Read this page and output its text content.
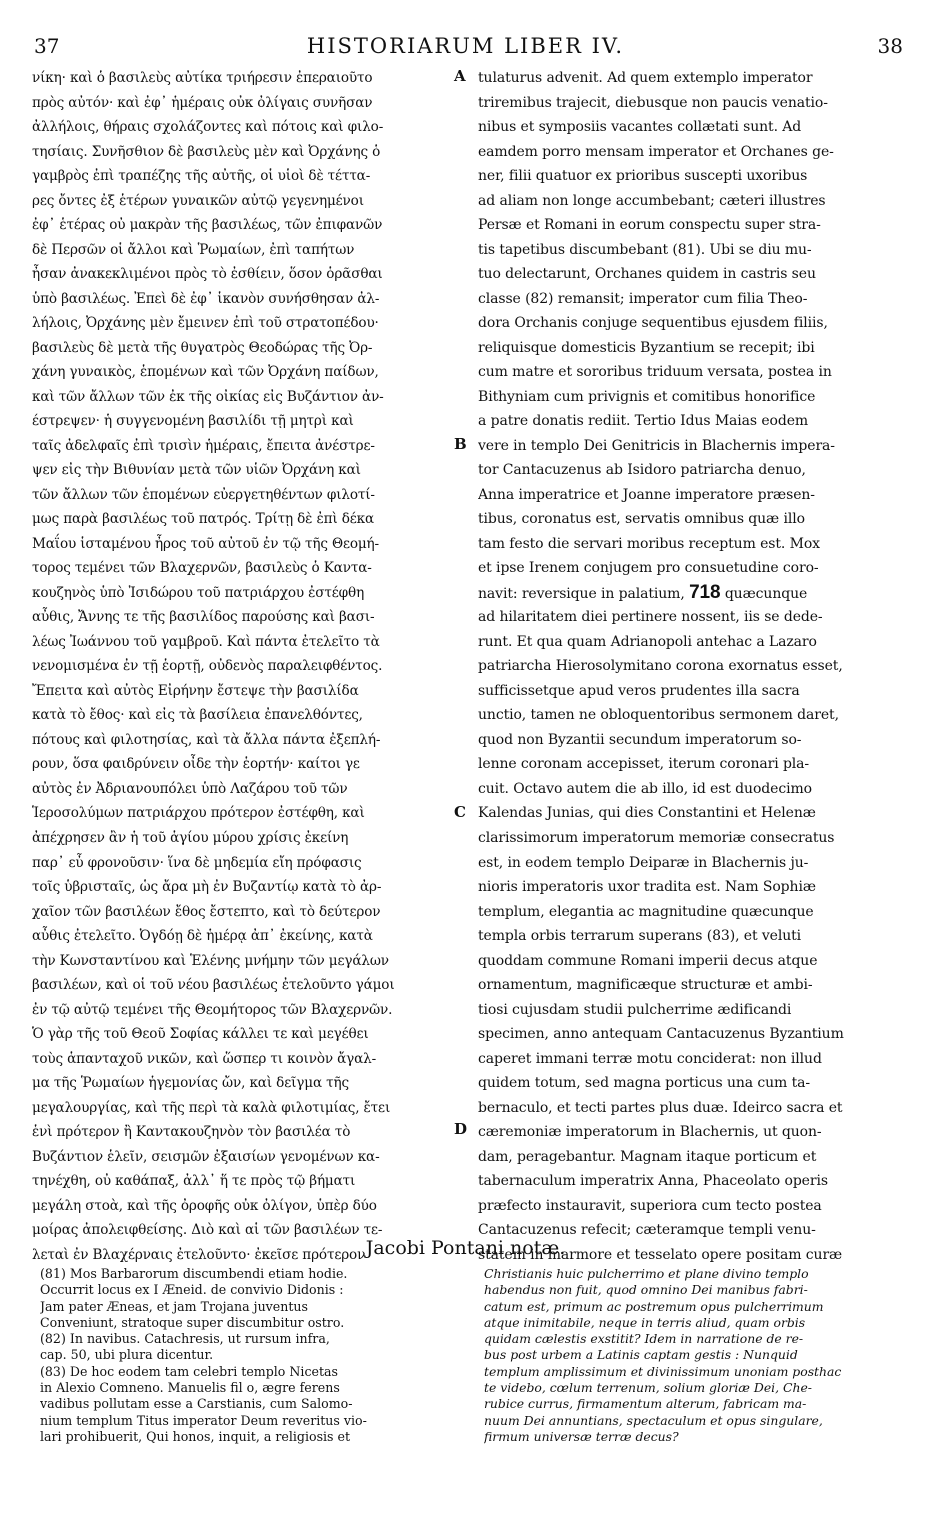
37	HISTORIARUM LIBER IV.	38
νίκη· καὶ ὁ βασιλεὺς αὐτίκα τριήρεσιν ἐπεραιοῦτο
πρὸς αὐτόν· καὶ ἐφ᾽ ἡμέραις οὐκ ὀλίγαις συνῆσαν
ἀλλήλοις, θήραις σχολάζοντες καὶ πότοις καὶ φιλο-
τησίαις. Συνῆσθιον δὲ βασιλεὺς μὲν καὶ Ὀρχάνης ὁ
γαμβρὸς ἐπὶ τραπέζης τῆς αὐτῆς, οἱ υἱοὶ δὲ τέττα-
ρες ὄντες ἐξ ἑτέρων γυναικῶν αὐτῷ γεγενημένοι
ἐφ᾽ ἑτέρας οὐ μακρὰν τῆς βασιλέως, τῶν ἐπιφανῶν
δὲ Περσῶν οἱ ἄλλοι καὶ Ῥωμαίων, ἐπὶ ταπήτων
ἦσαν ἀνακεκλιμένοι πρὸς τὸ ἐσθίειν, ὅσον ὁρᾶσθαι
ὑπὸ βασιλέως. Ἐπεὶ δὲ ἐφ᾽ ἱκανὸν συνήσθησαν ἀλ-
λήλοις, Ὀρχάνης μὲν ἔμεινεν ἐπὶ τοῦ στρατοπέδου·
βασιλεὺς δὲ μετὰ τῆς θυγατρὸς Θεοδώρας τῆς Ὀρ-
χάνη γυναικὸς, ἑπομένων καὶ τῶν Ὀρχάνη παίδων,
καὶ τῶν ἄλλων τῶν ἐκ τῆς οἰκίας εἰς Βυζάντιον ἀν-
έστρεψεν· ἡ συγγενομένη βασιλίδι τῇ μητρὶ καὶ
ταῖς ἀδελφαῖς ἐπὶ τρισὶν ἡμέραις, ἔπειτα ἀνέστρε-
ψεν εἰς τὴν Βιθυνίαν μετὰ τῶν υἱῶν Ὀρχάνη καὶ
τῶν ἄλλων τῶν ἑπομένων εὐεργετηθέντων φιλοτί-
μως παρὰ βασιλέως τοῦ πατρός. Τρίτῃ δὲ ἐπὶ δέκα
Μαΐου ἱσταμένου ἦρος τοῦ αὐτοῦ ἐν τῷ τῆς Θεομή-
τορος τεμένει τῶν Βλαχερνῶν, βασιλεὺς ὁ Καντα-
κουζηνὸς ὑπὸ Ἰσιδώρου τοῦ πατριάρχου ἐστέφθη
αὖθις, Ἄννης τε τῆς βασιλίδος παρούσης καὶ βασι-
λέως Ἰωάννου τοῦ γαμβροῦ. Καὶ πάντα ἐτελεῖτο τὰ
νενομισμένα ἐν τῇ ἑορτῇ, οὐδενὸς παραλειφθέντος.
Ἔπειτα καὶ αὐτὸς Εἰρήνην ἔστεψε τὴν βασιλίδα
κατὰ τὸ ἔθος· καὶ εἰς τὰ βασίλεια ἐπανελθόντες,
πότους καὶ φιλοτησίας, καὶ τὰ ἄλλα πάντα ἐξεπλή-
ρουν, ὅσα φαιδρύνειν οἶδε τὴν ἑορτήν· καίτοι γε
αὐτὸς ἐν Ἀδριανουπόλει ὑπὸ Λαζάρου τοῦ τῶν
Ἱεροσολύμων πατριάρχου πρότερον ἐστέφθη, καὶ
ἀπέχρησεν ἂν ἡ τοῦ ἁγίου μύρου χρίσις ἐκείνη
παρ᾽ εὖ φρονοῦσιν· ἵνα δὲ μηδεμία εἴη πρόφασις
τοῖς ὑβρισταῖς, ὡς ἄρα μὴ ἐν Βυζαντίῳ κατὰ τὸ ἀρ-
χαῖον τῶν βασιλέων ἔθος ἔστεπτο, καὶ τὸ δεύτερον
αὖθις ἐτελεῖτο. Ὀγδόῃ δὲ ἡμέρᾳ ἀπ᾽ ἐκείνης, κατὰ
τὴν Κωνσταντίνου καὶ Ἑλένης μνήμην τῶν μεγάλων
βασιλέων, καὶ οἱ τοῦ νέου βασιλέως ἐτελοῦντο γάμοι
ἐν τῷ αὐτῷ τεμένει τῆς Θεομήτορος τῶν Βλαχερνῶν.
Ὁ γὰρ τῆς τοῦ Θεοῦ Σοφίας κάλλει τε καὶ μεγέθει
τοὺς ἁπανταχοῦ νικῶν, καὶ ὥσπερ τι κοινὸν ἄγαλ-
μα τῆς Ῥωμαίων ἡγεμονίας ὤν, καὶ δεῖγμα τῆς
μεγαλουργίας, καὶ τῆς περὶ τὰ καλὰ φιλοτιμίας, ἔτει
ἑνὶ πρότερον ἢ Καντακουζηνὸν τὸν βασιλέα τὸ
Βυζάντιον ἑλεῖν, σεισμῶν ἐξαισίων γενομένων κα-
τηνέχθη, οὐ καθάπαξ, ἀλλ᾽ ἥ τε πρὸς τῷ βήματι
μεγάλη στοὰ, καὶ τῆς ὀροφῆς οὐκ ὀλίγον, ὑπὲρ δύο
μοίρας ἀπολειφθείσης. Διὸ καὶ αἱ τῶν βασιλέων τε-
λεταὶ ἐν Βλαχέρναις ἐτελοῦντο· ἐκεῖσε πρότερον
A
B
C
D
tulaturus advenit. Ad quem extemplo imperator
triremibus trajecit, diebusque non paucis venatio-
nibus et symposiis vacantes collætati sunt. Ad
eamdem porro mensam imperator et Orchanes ge-
ner, filii quatuor ex prioribus suscepti uxoribus
ad aliam non longe accumbebant; cæteri illustres
Persæ et Romani in eorum conspectu super stra-
tis tapetibus discumbebant (81). Ubi se diu mu-
tuo delectarunt, Orchanes quidem in castris seu
classe (82) remansit; imperator cum filia Theo-
dora Orchanis conjuge sequentibus ejusdem filiis,
reliquisque domesticis Byzantium se recepit; ibi
cum matre et sororibus triduum versata, postea in
Bithyniam cum privignis et comitibus honorifice
a patre donatis rediit. Tertio Idus Maias eodem
vere in templo Dei Genitricis in Blachernis impera-
tor Cantacuzenus ab Isidoro patriarcha denuo,
Anna imperatrice et Joanne imperatore præsen-
tibus, coronatus est, servatis omnibus quæ illo
tam festo die servari moribus receptum est. Mox
et ipse Irenem conjugem pro consuetudine coro-
navit: reversique in palatium, 718 quæcunque
ad hilaritatem diei pertinere nossent, iis se dede-
runt. Et qua quam Adrianopoli antehac a Lazaro
patriarcha Hierosolymitano corona exornatus esset,
sufficissetque apud veros prudentes illa sacra
unctio, tamen ne obloquentoribus sermonem daret,
quod non Byzantii secundum imperatorum so-
lenne coronam accepisset, iterum coronari pla-
cuit. Octavo autem die ab illo, id est duodecimo
Kalendas Junias, qui dies Constantini et Helenæ
clarissimorum imperatorum memoriæ consecratus
est, in eodem templo Deiparæ in Blachernis ju-
nioris imperatoris uxor tradita est. Nam Sophiæ
templum, elegantia ac magnitudine quæcunque
templa orbis terrarum superans (83), et veluti
quoddam commune Romani imperii decus atque
ornamentum, magnificæque structuræ et ambi-
tiosi cujusdam studii pulcherrime ædificandi
specimen, anno antequam Cantacuzenus Byzantium
caperet immani terræ motu conciderat: non illud
quidem totum, sed magna porticus una cum ta-
bernaculo, et tecti partes plus duæ. Ideirco sacra et
cæremoniæ imperatorum in Blachernis, ut quon-
dam, peragebantur. Magnam itaque porticum et
tabernaculum imperatrix Anna, Phaceolato operis
præfecto instauravit, superiora cum tecto postea
Cantacuzenus refecit; cæteramque templi venu-
statem in marmore et tesselato opere positam curæ
Jacobi Pontani notæ.
(81) Mos Barbarorum discumbendi etiam hodie.
Occurrit locus ex I Æneid. de convivio Didonis :
Jam pater Æneas, et jam Trojana juventus
Conveniunt, stratoque super discumbitur ostro.
(82) In navibus. Catachresis, ut rursum infra,
cap. 50, ubi plura dicentur.
(83) De hoc eodem tam celebri templo Nicetas
in Alexio Comneno. Manuelis fil o, ægre ferens
vadibus pollutam esse a Carstianis, cum Salomo-
nium templum Titus imperator Deum reveritus vio-
lari prohibuerit, Qui honos, inquit, a religiosis et
Christianis huic pulcherrimo et plane divino templo
habendus non fuit, quod omnino Dei manibus fabri-
catum est, primum ac postremum opus pulcherrimum
atque inimitabile, neque in terris aliud, quam orbis
quidam cælestis exstitit? Idem in narratione de re-
bus post urbem a Latinis captam gestis : Nunquid
templum amplissimum et divinissimum unoniam posthac
te videbo, cœlum terrenum, solium gloriæ Dei, Che-
rubice currus, firmamentum alterum, fabricam ma-
nuum Dei annuntians, spectaculum et opus singulare,
firmum universæ terræ decus?
